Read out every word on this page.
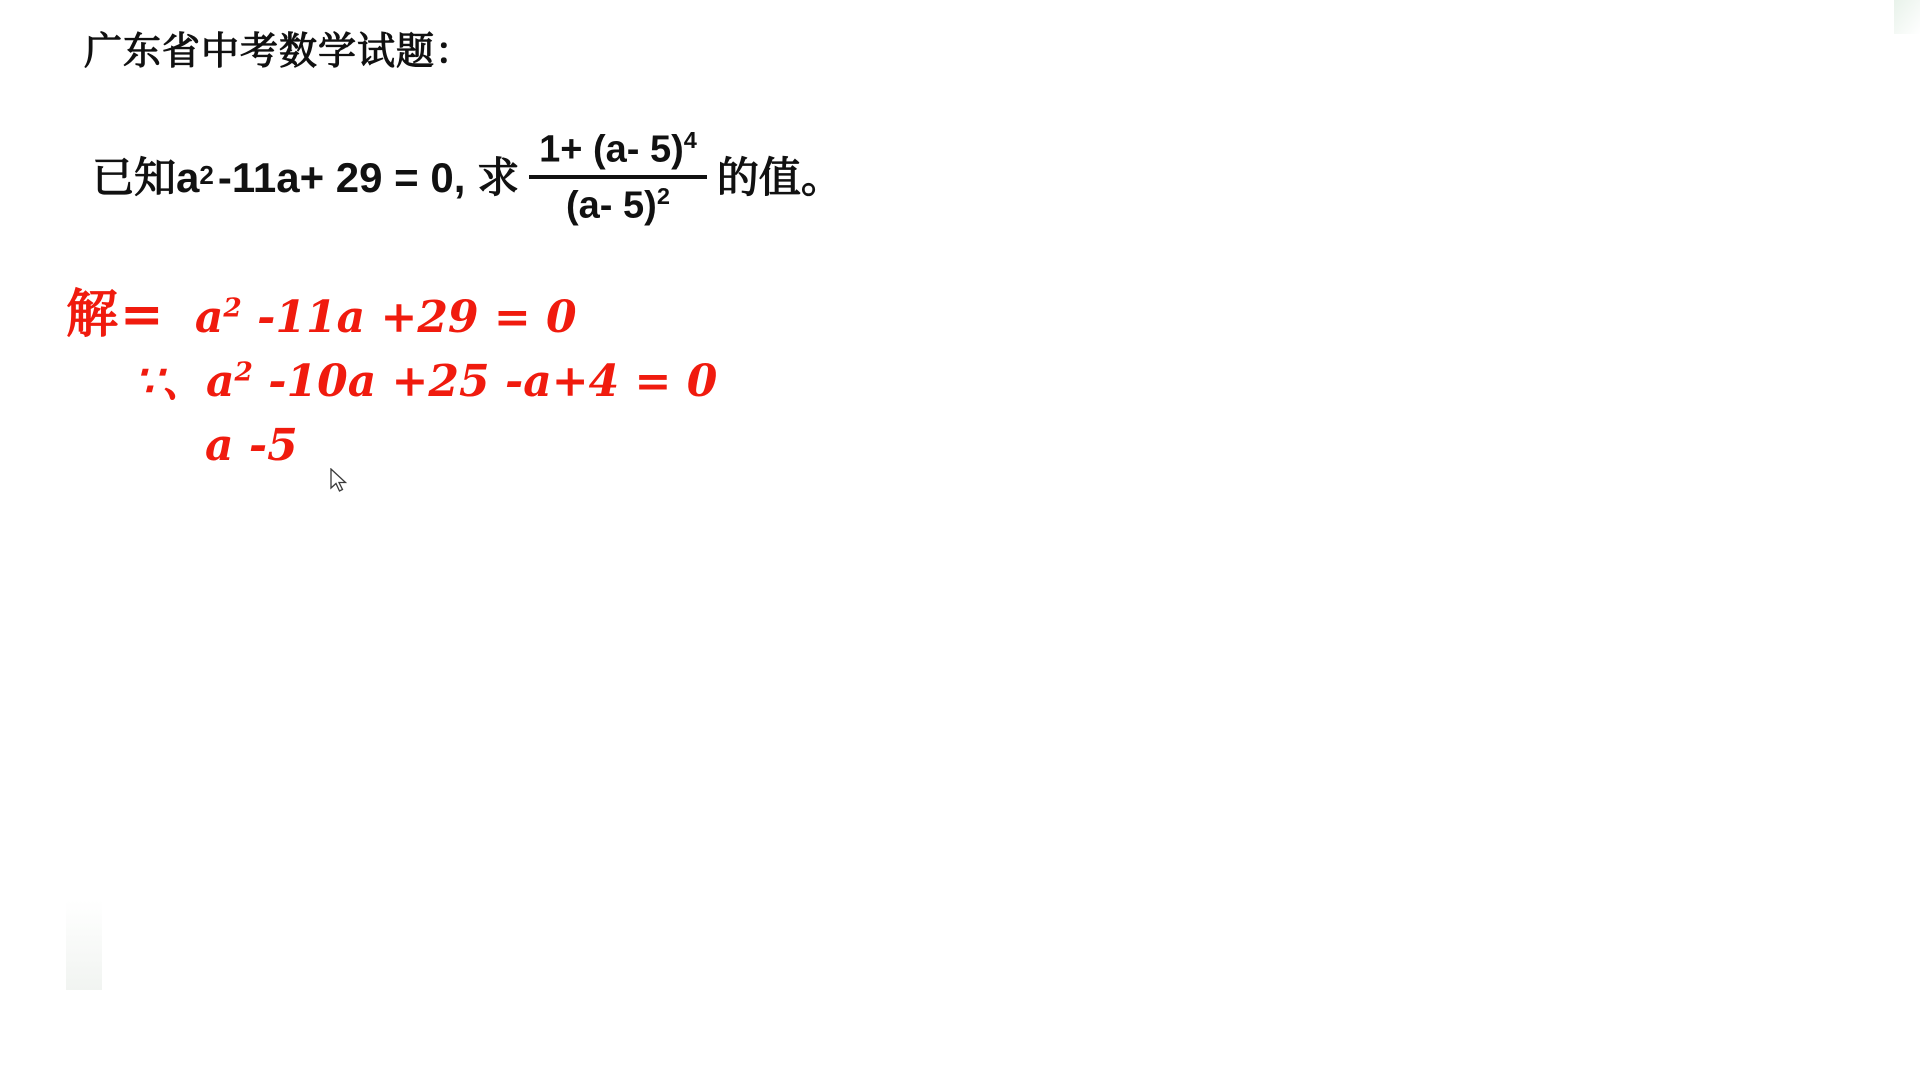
广东省中考数学试题：
已知a 2 -11a+ 29 = 0, 求 $\frac{1+ (a- 5)^4}{(a- 5)^2}$ 的值。
解= $a^2$ -11a +29 = 0
∵、$a^2$ -10a +25 -a+4 = 0
a -5
